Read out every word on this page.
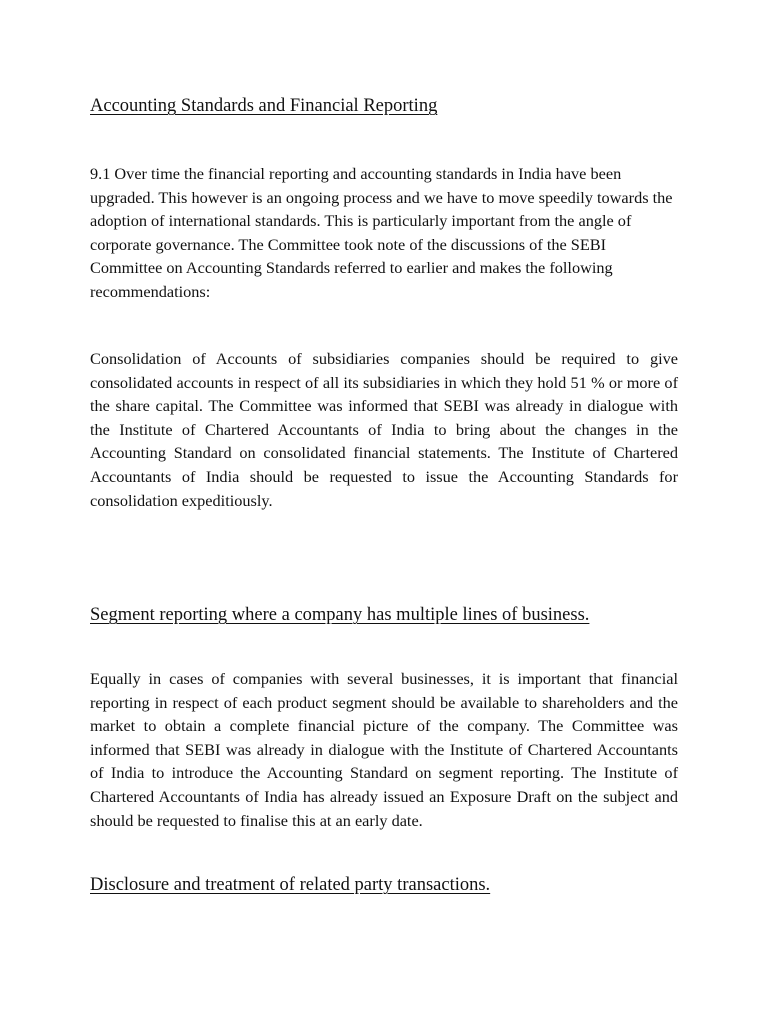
Accounting Standards and Financial Reporting

9.1 Over time the financial reporting and accounting standards in India have been upgraded. This however is an ongoing process and we have to move speedily towards the adoption of international standards. This is particularly important from the angle of corporate governance. The Committee took note of the discussions of the SEBI Committee on Accounting Standards referred to earlier and makes the following recommendations:

Consolidation of Accounts of subsidiaries companies should be required to give consolidated accounts in respect of all its subsidiaries in which they hold 51 % or more of the share capital. The Committee was informed that SEBI was already in dialogue with the Institute of Chartered Accountants of India to bring about the changes in the Accounting Standard on consolidated financial statements. The Institute of Chartered Accountants of India should be requested to issue the Accounting Standards for consolidation expeditiously.

Segment reporting where a company has multiple lines of business.

Equally in cases of companies with several businesses, it is important that financial reporting in respect of each product segment should be available to shareholders and the market to obtain a complete financial picture of the company. The Committee was informed that SEBI was already in dialogue with the Institute of Chartered Accountants of India to introduce the Accounting Standard on segment reporting. The Institute of Chartered Accountants of India has already issued an Exposure Draft on the subject and should be requested to finalise this at an early date.

Disclosure and treatment of related party transactions.
